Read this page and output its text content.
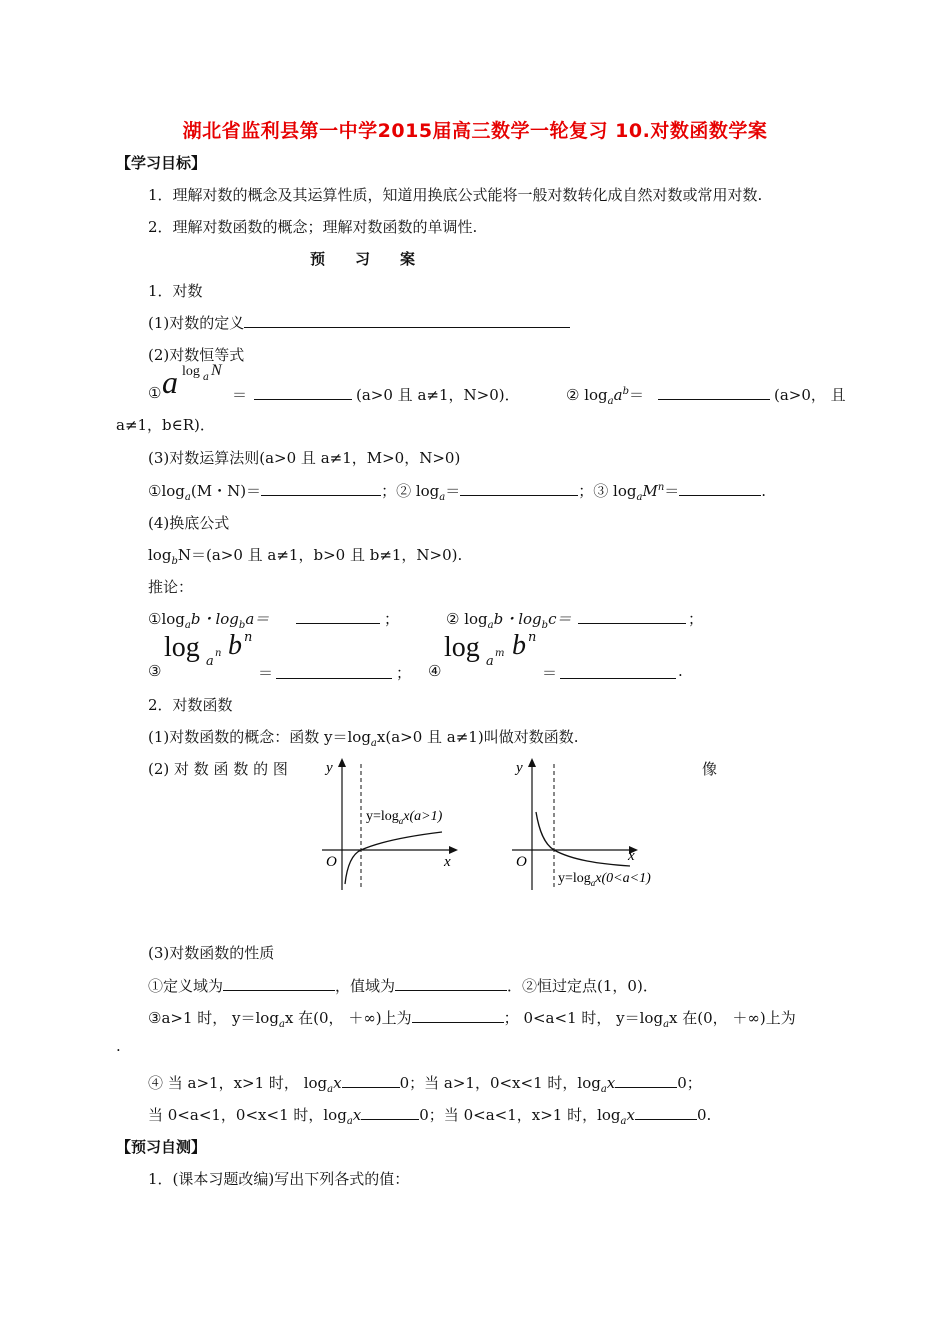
湖北省监利县第一中学2015届高三数学一轮复习 10.对数函数学案
【学习目标】
1．理解对数的概念及其运算性质，知道用换底公式能将一般对数转化成自然对数或常用对数.
2．理解对数函数的概念；理解对数函数的单调性.
预　　习　　案
1．对数
(1)对数的定义
(2)对数恒等式
① a log a N
＝	(a>0 且 a≠1，N>0)．	② $\log_aa^b=$	(a>0， 且
a≠1，b∈R)．
(3)对数运算法则(a>0 且 a≠1，M>0，N>0)
$①\log_a(M$・N)＝	；② $\log_a=$	；③ $\log_aM^n=$	.
(4)换底公式
$\log_bN=(a>0$ 且 a≠1，b>0 且 b≠1，N>0).
推论：
$①\log_ab$・$\log_ba=$	；	② $\log_ab$・$\log_bc=$	；
③
log a
n b n
＝	； ④
log a
m b n
＝	.
2．对数函数
(1)对数函数的概念：函数 $y=\log_ax(a>0$ 且 a≠1)叫做对数函数.
(2) 对 数 函 数 的 图	像
y
x
O
$y=\log_ax(a>1)$
y
x
O
$y=\log_ax(0<a<1)$
(3)对数函数的性质
①定义域为	，值域为	．②恒过定点(1，0)．
③a>1 时， $y=\log_ax$ 在(0， ＋∞)上为	； 0<a<1 时， $y=\log_ax$ 在(0， ＋∞)上为
.
④ 当 a>1，x>1 时， $\log_ax$	0；当 a>1，0<x<1 时，$\log_ax$	0；
当 0<a<1，0<x<1 时，$\log_ax$	0；当 0<a<1，x>1 时，$\log_ax$	0.
【预习自测】
1．(课本习题改编)写出下列各式的值：
